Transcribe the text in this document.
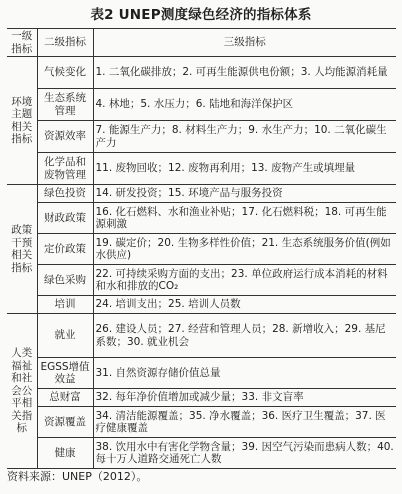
表2 UNEP测度绿色经济的指标体系
一级指标	二级指标	三级指标
环境主题相关指标	气候变化	1. 二氧化碳排放；2. 可再生能源供电份额；3. 人均能源消耗量
	生态系统管理	4. 林地；5. 水压力；6. 陆地和海洋保护区
	资源效率	7. 能源生产力；8. 材料生产力；9. 水生产力；10. 二氧化碳生产力
	化学品和废物管理	11. 废物回收；12. 废物再利用；13. 废物产生或填埋量
政策干预相关指标	绿色投资	14. 研发投资；15. 环境产品与服务投资
	财政政策	16. 化石燃料、水和渔业补贴；17. 化石燃料税；18. 可再生能源刺激
	定价政策	19. 碳定价；20. 生物多样性价值；21. 生态系统服务价值(例如水供应)
	绿色采购	22. 可持续采购方面的支出；23. 单位政府运行成本消耗的材料和水和排放的CO₂
	培训	24. 培训支出；25. 培训人员数
人类福祉和社会公平相关指标	就业	26. 建设人员；27. 经营和管理人员；28. 新增收入；29. 基尼系数；30. 就业机会
	EGSS增值效益	31. 自然资源存储价值总量
	总财富	32. 每年净价值增加或减少量；33. 非文盲率
	资源覆盖	34. 清洁能源覆盖；35. 净水覆盖；36. 医疗卫生覆盖；37. 医疗健康覆盖
	健康	38. 饮用水中有害化学物含量；39. 因空气污染而患病人数；40. 每十万人道路交通死亡人数
资料来源：UNEP（2012）。
